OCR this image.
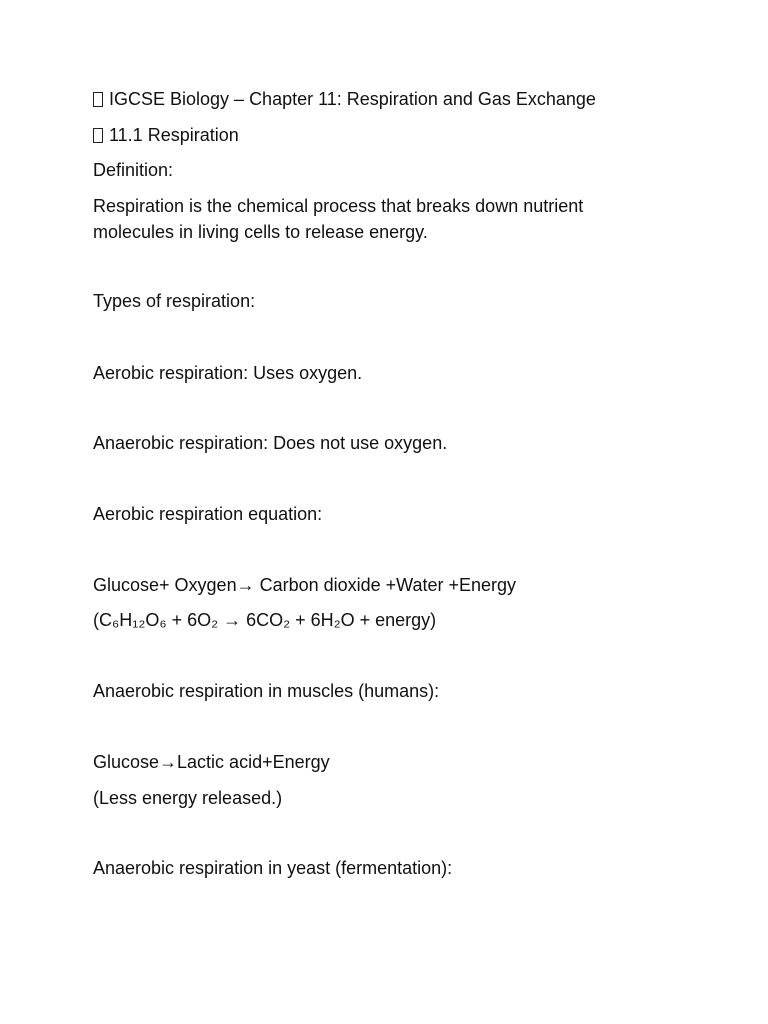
IGCSE Biology – Chapter 11: Respiration and Gas Exchange
11.1 Respiration
Definition:
Respiration is the chemical process that breaks down nutrient molecules in living cells to release energy.
Types of respiration:
Aerobic respiration: Uses oxygen.
Anaerobic respiration: Does not use oxygen.
Aerobic respiration equation:
Glucose+ Oxygen→ Carbon dioxide +Water +Energy
(C₆H₁₂O₆ + 6O₂ → 6CO₂ + 6H₂O + energy)
Anaerobic respiration in muscles (humans):
Glucose→Lactic acid+Energy
(Less energy released.)
Anaerobic respiration in yeast (fermentation):
